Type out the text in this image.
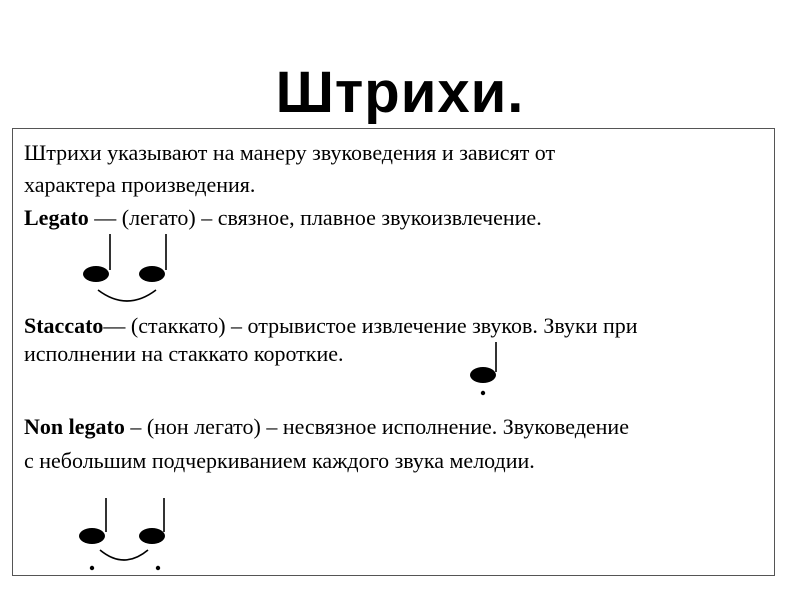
Штрихи.
Штрихи указывают на манеру звуковедения и зависят от
характера произведения.
Legato — (легато) – связное, плавное звукоизвлечение.
Staccato— (стаккато) – отрывистое извлечение звуков. Звуки при
исполнении на стаккато короткие.
Non legato – (нон легато) – несвязное исполнение. Звуковедение
с небольшим подчеркиванием каждого звука мелодии.
